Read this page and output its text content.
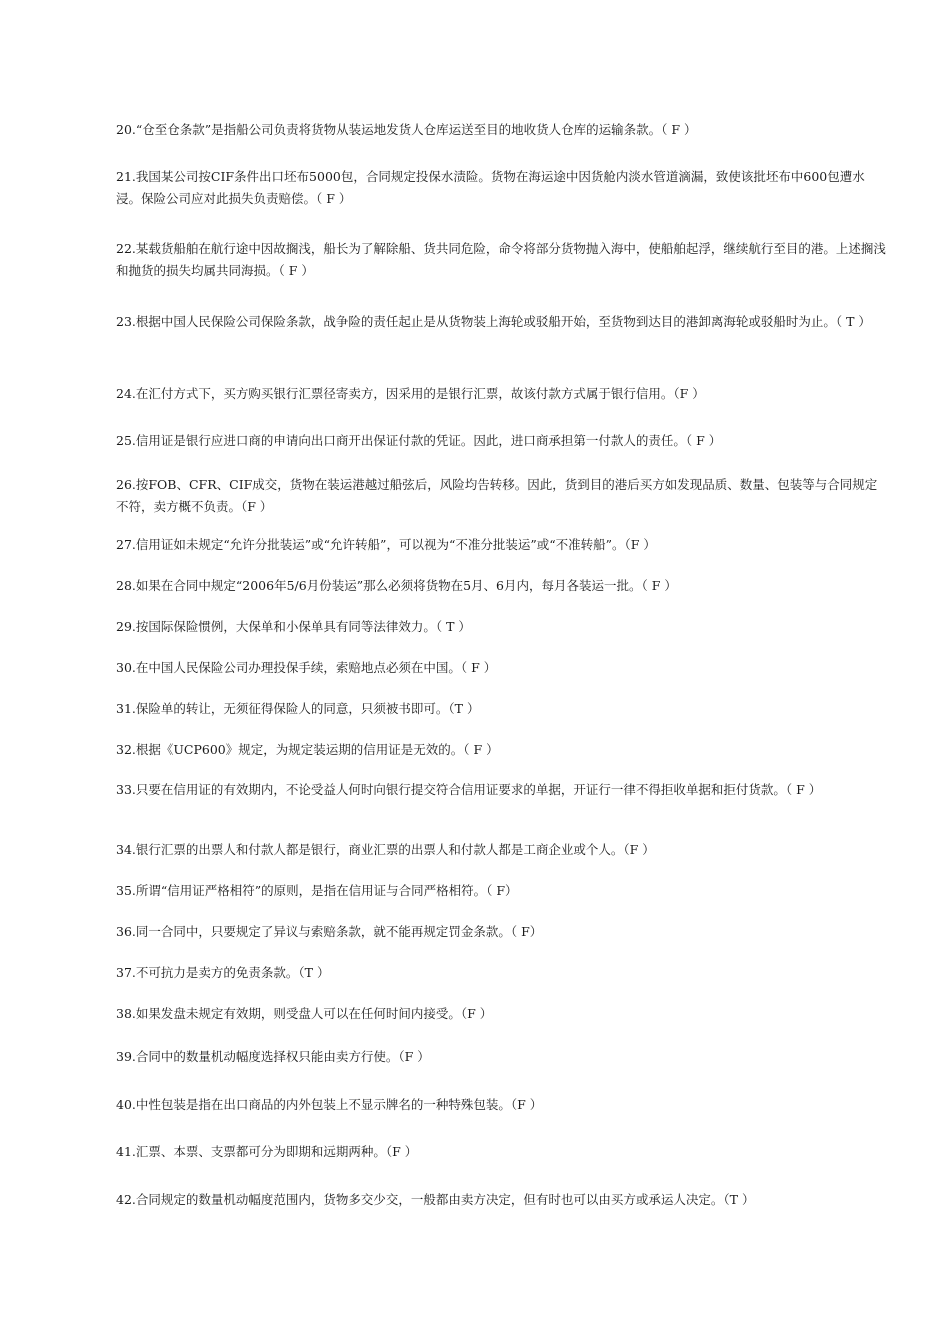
20.“仓至仓条款”是指船公司负责将货物从装运地发货人仓库运送至目的地收货人仓库的运输条款。（ F ）
21.我国某公司按CIF条件出口坯布5000包，合同规定投保水渍险。货物在海运途中因货舱内淡水管道滴漏，致使该批坯布中600包遭水浸。保险公司应对此损失负责赔偿。（ F ）
22.某载货船舶在航行途中因故搁浅，船长为了解除船、货共同危险，命令将部分货物抛入海中，使船舶起浮，继续航行至目的港。上述搁浅和抛货的损失均属共同海损。（ F ）
23.根据中国人民保险公司保险条款，战争险的责任起止是从货物装上海轮或驳船开始，至货物到达目的港卸离海轮或驳船时为止。（ T ）
24.在汇付方式下，买方购买银行汇票径寄卖方，因采用的是银行汇票，故该付款方式属于银行信用。（F ）
25.信用证是银行应进口商的申请向出口商开出保证付款的凭证。因此，进口商承担第一付款人的责任。（ F ）
26.按FOB、CFR、CIF成交，货物在装运港越过船弦后，风险均告转移。因此，货到目的港后买方如发现品质、数量、包装等与合同规定不符，卖方概不负责。（F ）
27.信用证如未规定“允许分批装运”或“允许转船”，可以视为“不准分批装运”或“不准转船”。（F ）
28.如果在合同中规定“2006年5/6月份装运”那么必须将货物在5月、6月内，每月各装运一批。（ F ）
29.按国际保险惯例，大保单和小保单具有同等法律效力。（ T ）
30.在中国人民保险公司办理投保手续，索赔地点必须在中国。（ F ）
31.保险单的转让，无须征得保险人的同意，只须被书即可。（T ）
32.根据《UCP600》规定，为规定装运期的信用证是无效的。（ F ）
33.只要在信用证的有效期内，不论受益人何时向银行提交符合信用证要求的单据，开证行一律不得拒收单据和拒付货款。（ F ）
34.银行汇票的出票人和付款人都是银行，商业汇票的出票人和付款人都是工商企业或个人。（F ）
35.所谓“信用证严格相符”的原则，是指在信用证与合同严格相符。（ F）
36.同一合同中，只要规定了异议与索赔条款，就不能再规定罚金条款。（ F）
37.不可抗力是卖方的免责条款。（T ）
38.如果发盘未规定有效期，则受盘人可以在任何时间内接受。（F ）
39.合同中的数量机动幅度选择权只能由卖方行使。（F ）
40.中性包装是指在出口商品的内外包装上不显示牌名的一种特殊包装。（F ）
41.汇票、本票、支票都可分为即期和远期两种。（F ）
42.合同规定的数量机动幅度范围内，货物多交少交，一般都由卖方决定，但有时也可以由买方或承运人决定。（T ）
